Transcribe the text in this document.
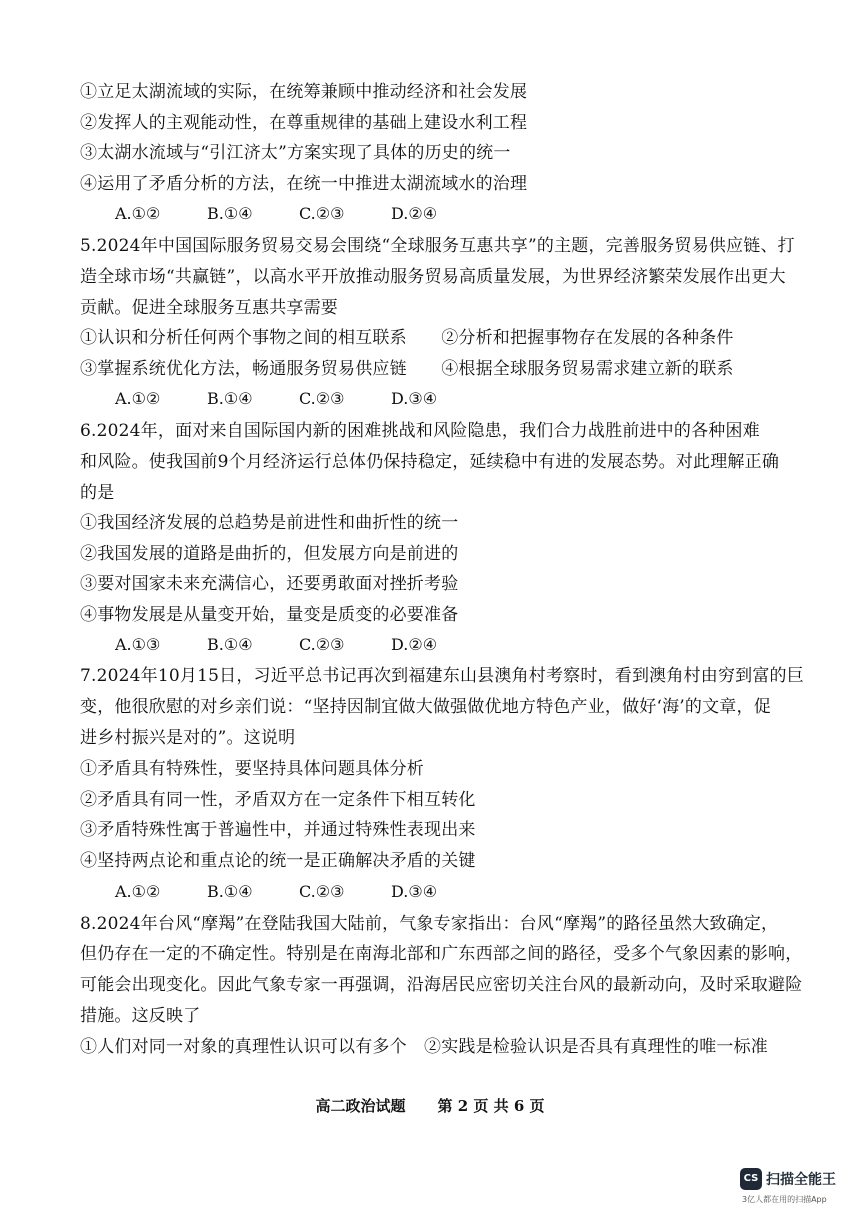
①立足太湖流域的实际，在统筹兼顾中推动经济和社会发展
②发挥人的主观能动性，在尊重规律的基础上建设水利工程
③太湖水流域与“引江济太”方案实现了具体的历史的统一
④运用了矛盾分析的方法，在统一中推进太湖流域水的治理
A.①②	B.①④	C.②③	D.②④
5.2024年中国国际服务贸易交易会围绕“全球服务互惠共享”的主题，完善服务贸易供应链、打
造全球市场“共赢链”，以高水平开放推动服务贸易高质量发展，为世界经济繁荣发展作出更大
贡献。促进全球服务互惠共享需要
①认识和分析任何两个事物之间的相互联系　　②分析和把握事物存在发展的各种条件
③掌握系统优化方法，畅通服务贸易供应链　　④根据全球服务贸易需求建立新的联系
A.①②	B.①④	C.②③	D.③④
6.2024年，面对来自国际国内新的困难挑战和风险隐患，我们合力战胜前进中的各种困难
和风险。使我国前9个月经济运行总体仍保持稳定，延续稳中有进的发展态势。对此理解正确
的是
①我国经济发展的总趋势是前进性和曲折性的统一
②我国发展的道路是曲折的，但发展方向是前进的
③要对国家未来充满信心，还要勇敢面对挫折考验
④事物发展是从量变开始，量变是质变的必要准备
A.①③	B.①④	C.②③	D.②④
7.2024年10月15日，习近平总书记再次到福建东山县澳角村考察时，看到澳角村由穷到富的巨
变，他很欣慰的对乡亲们说：“坚持因制宜做大做强做优地方特色产业，做好‘海’的文章，促
进乡村振兴是对的”。这说明
①矛盾具有特殊性，要坚持具体问题具体分析
②矛盾具有同一性，矛盾双方在一定条件下相互转化
③矛盾特殊性寓于普遍性中，并通过特殊性表现出来
④坚持两点论和重点论的统一是正确解决矛盾的关键
A.①②	B.①④	C.②③	D.③④
8.2024年台风“摩羯”在登陆我国大陆前，气象专家指出：台风“摩羯”的路径虽然大致确定，
但仍存在一定的不确定性。特别是在南海北部和广东西部之间的路径，受多个气象因素的影响，
可能会出现变化。因此气象专家一再强调，沿海居民应密切关注台风的最新动向，及时采取避险
措施。这反映了
①人们对同一对象的真理性认识可以有多个　②实践是检验认识是否具有真理性的唯一标准
高二政治试题 第 2 页 共 6 页
CS 扫描全能王
3亿人都在用的扫描App
